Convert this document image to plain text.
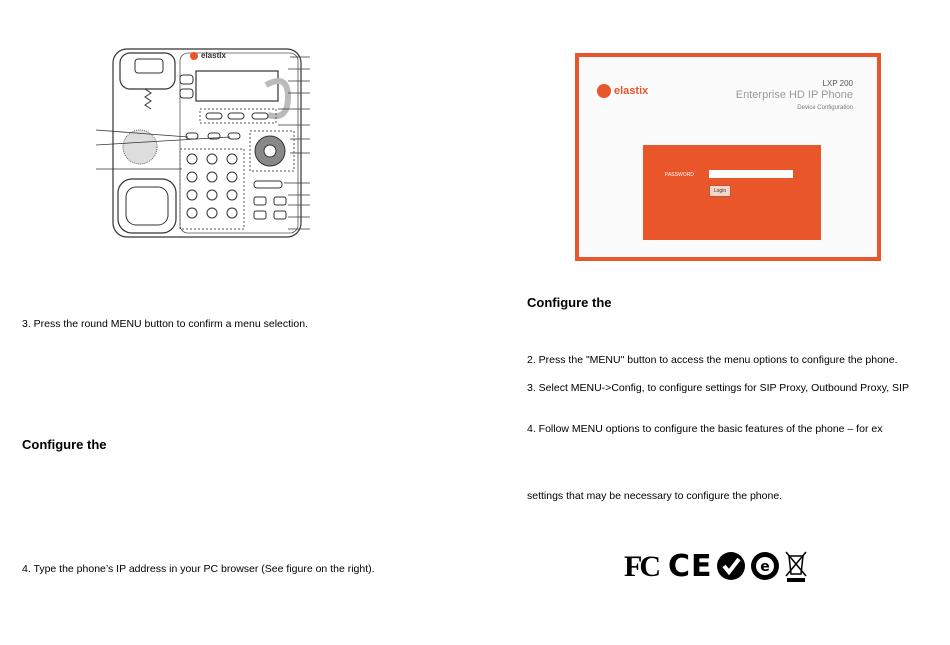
elastix
3. Press the round MENU button to confirm a menu selection.
Configure the
4. Type the phone’s IP address in your PC browser (See figure on the right).
elastix
LXP 200
Enterprise HD IP Phone
Device Configuration
PASSWORD
Login
Configure the
2. Press the "MENU" button to access the menu options to configure the phone.
3. Select MENU->Config, to configure settings for SIP Proxy, Outbound Proxy, SIP
4. Follow MENU options to configure the basic features of the phone – for ex
settings that may be necessary to configure the phone.
FC CE	e
